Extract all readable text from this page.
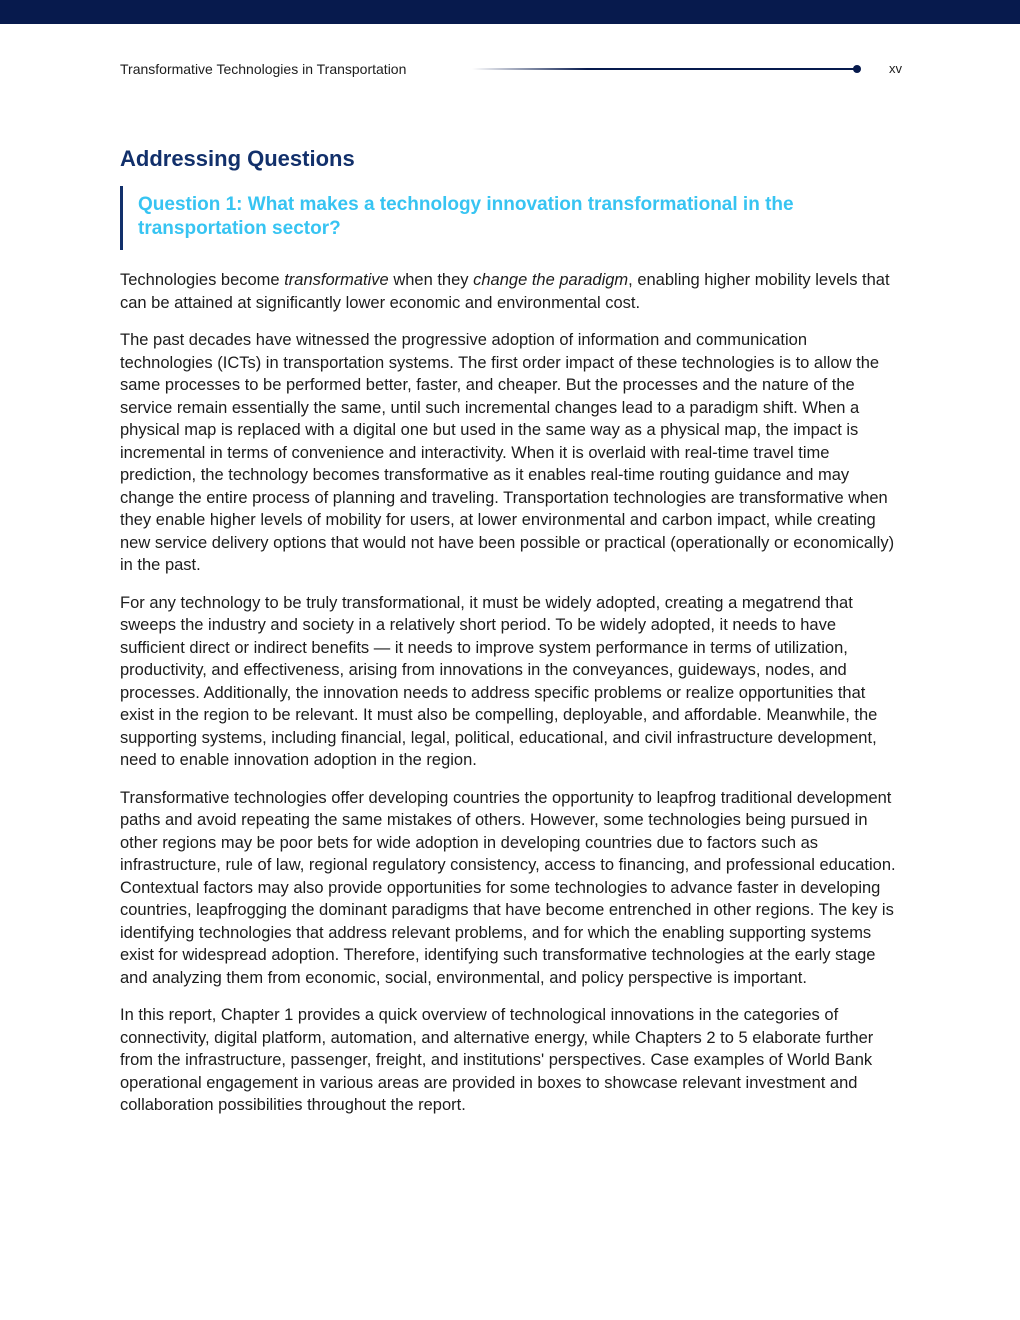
Transformative Technologies in Transportation	xv
Addressing Questions

Question 1: What makes a technology innovation transformational in the transportation sector?

Technologies become transformative when they change the paradigm, enabling higher mobility levels that can be attained at significantly lower economic and environmental cost.

The past decades have witnessed the progressive adoption of information and communication technologies (ICTs) in transportation systems. The first order impact of these technologies is to allow the same processes to be performed better, faster, and cheaper. But the processes and the nature of the service remain essentially the same, until such incremental changes lead to a paradigm shift. When a physical map is replaced with a digital one but used in the same way as a physical map, the impact is incremental in terms of convenience and interactivity. When it is overlaid with real-time travel time prediction, the technology becomes transformative as it enables real-time routing guidance and may change the entire process of planning and traveling. Transportation technologies are transformative when they enable higher levels of mobility for users, at lower environmental and carbon impact, while creating new service delivery options that would not have been possible or practical (operationally or economically) in the past.

For any technology to be truly transformational, it must be widely adopted, creating a megatrend that sweeps the industry and society in a relatively short period. To be widely adopted, it needs to have sufficient direct or indirect benefits — it needs to improve system performance in terms of utilization, productivity, and effectiveness, arising from innovations in the conveyances, guideways, nodes, and processes. Additionally, the innovation needs to address specific problems or realize opportunities that exist in the region to be relevant. It must also be compelling, deployable, and affordable. Meanwhile, the supporting systems, including financial, legal, political, educational, and civil infrastructure development, need to enable innovation adoption in the region.

Transformative technologies offer developing countries the opportunity to leapfrog traditional development paths and avoid repeating the same mistakes of others. However, some technologies being pursued in other regions may be poor bets for wide adoption in developing countries due to factors such as infrastructure, rule of law, regional regulatory consistency, access to financing, and professional education. Contextual factors may also provide opportunities for some technologies to advance faster in developing countries, leapfrogging the dominant paradigms that have become entrenched in other regions. The key is identifying technologies that address relevant problems, and for which the enabling supporting systems exist for widespread adoption. Therefore, identifying such transformative technologies at the early stage and analyzing them from economic, social, environmental, and policy perspective is important.

In this report, Chapter 1 provides a quick overview of technological innovations in the categories of connectivity, digital platform, automation, and alternative energy, while Chapters 2 to 5 elaborate further from the infrastructure, passenger, freight, and institutions' perspectives. Case examples of World Bank operational engagement in various areas are provided in boxes to showcase relevant investment and collaboration possibilities throughout the report.
